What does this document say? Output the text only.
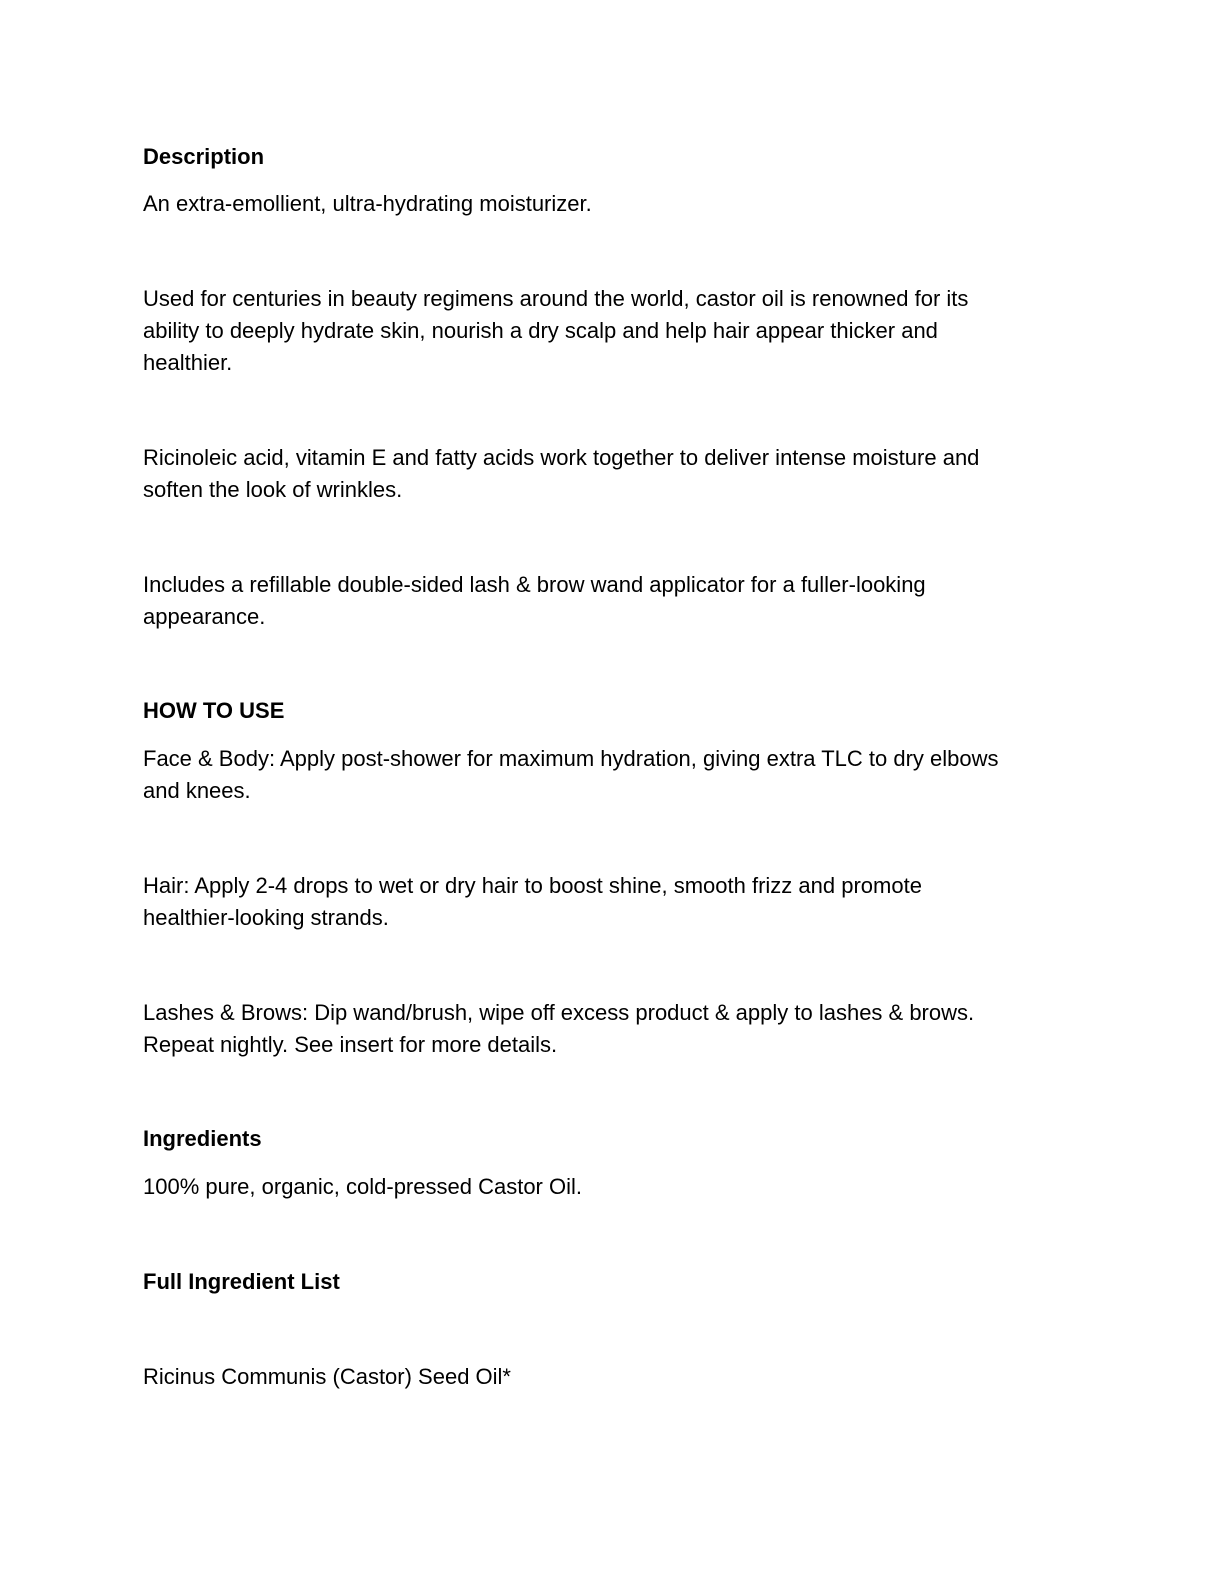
Description

An extra-emollient, ultra-hydrating moisturizer.

Used for centuries in beauty regimens around the world, castor oil is renowned for its

ability to deeply hydrate skin, nourish a dry scalp and help hair appear thicker and

healthier.

Ricinoleic acid, vitamin E and fatty acids work together to deliver intense moisture and

soften the look of wrinkles.

Includes a refillable double-sided lash & brow wand applicator for a fuller-looking

appearance.

HOW TO USE

Face & Body: Apply post-shower for maximum hydration, giving extra TLC to dry elbows

and knees.

Hair: Apply 2-4 drops to wet or dry hair to boost shine, smooth frizz and promote

healthier-looking strands.

Lashes & Brows: Dip wand/brush, wipe off excess product & apply to lashes & brows.

Repeat nightly. See insert for more details.

Ingredients

100% pure, organic, cold-pressed Castor Oil.

Full Ingredient List

Ricinus Communis (Castor) Seed Oil*
